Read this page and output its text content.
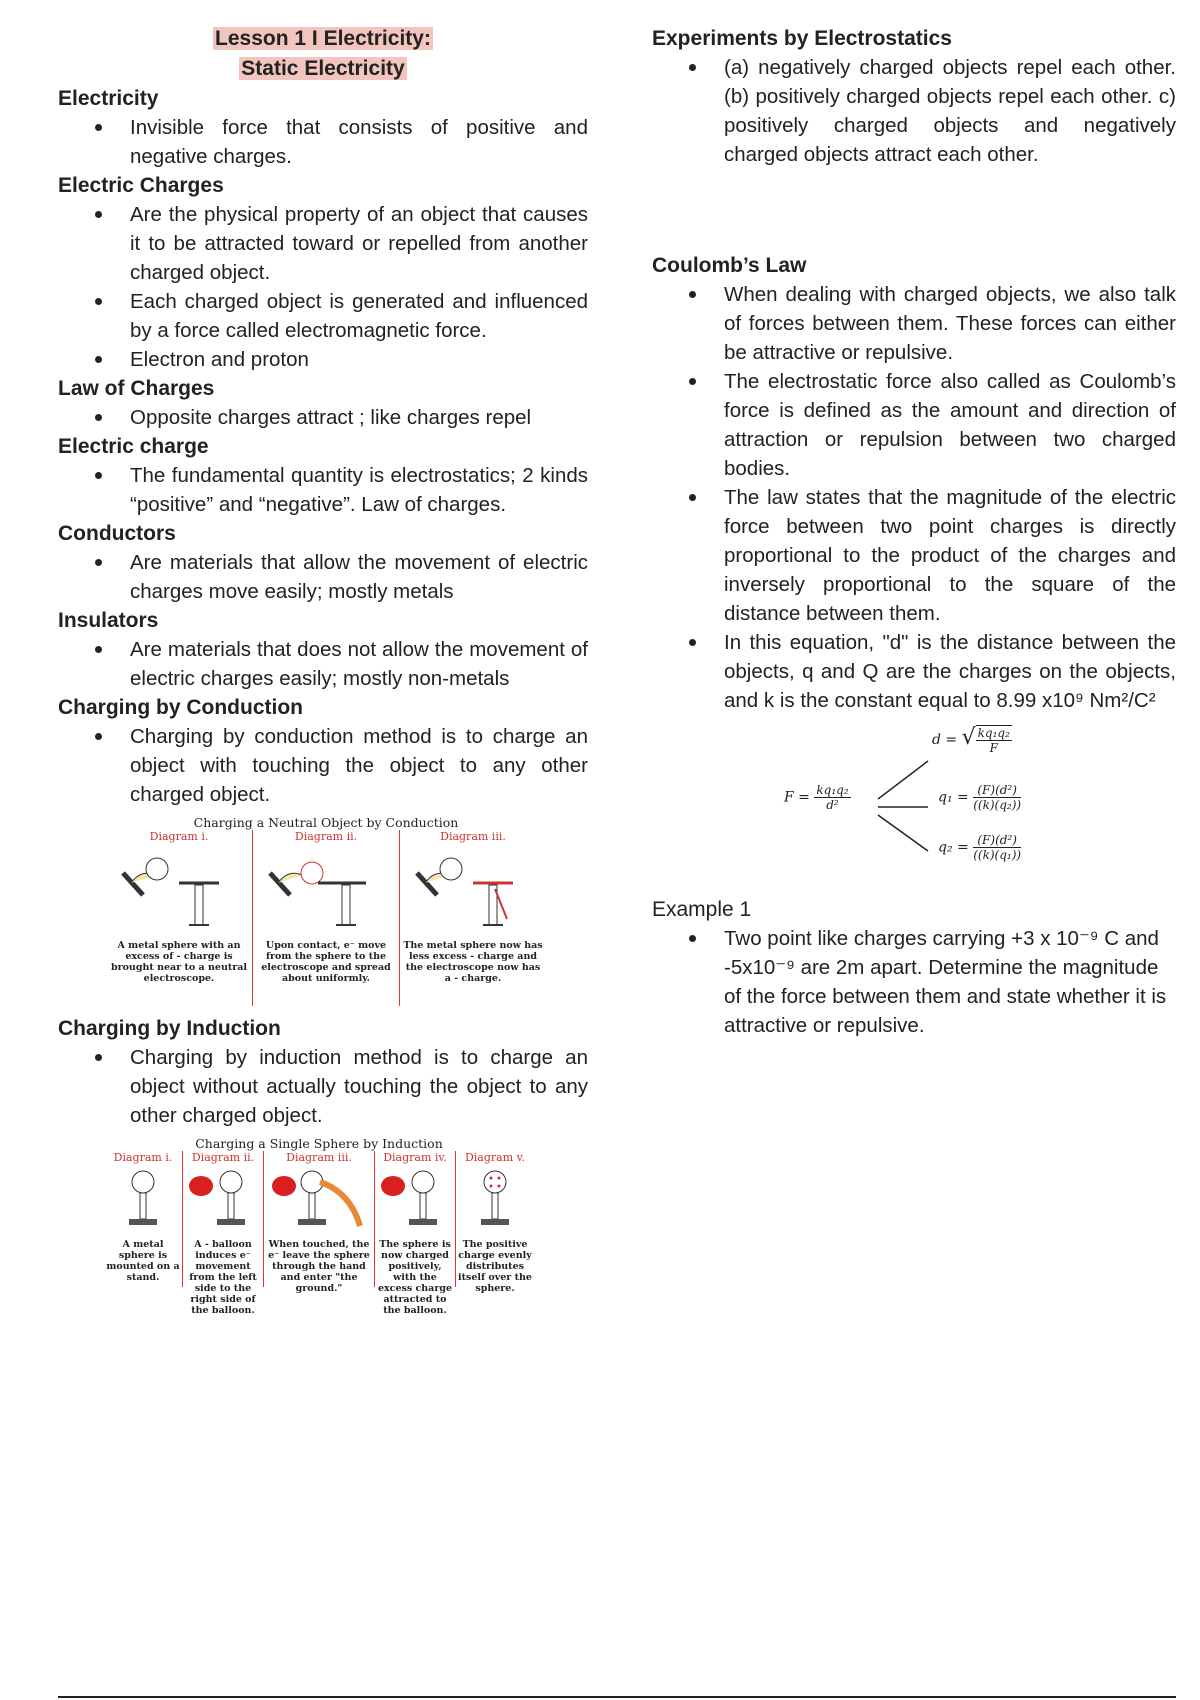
Lesson 1 I Electricity:
Static Electricity
Electricity
Invisible force that consists of positive and negative charges.
Electric Charges
Are the physical property of an object that causes it to be attracted toward or repelled from another charged object.
Each charged object is generated and influenced by a force called electromagnetic force.
Electron and proton
Law of Charges
Opposite charges attract ; like charges repel
Electric charge
The fundamental quantity is electrostatics; 2 kinds “positive” and “negative”. Law of charges.
Conductors
Are materials that allow the movement of electric charges move easily; mostly metals
Insulators
Are materials that does not allow the movement of electric charges easily; mostly non-metals
Charging by Conduction
Charging by conduction method is to charge an object with touching the object to any other charged object.
Charging a Neutral Object by Conduction
Diagram i.
A metal sphere with an excess of - charge is brought near to a neutral electroscope.
Diagram ii.
Upon contact, e⁻ move from the sphere to the electroscope and spread about uniformly.
Diagram iii.
The metal sphere now has less excess - charge and the electroscope now has a - charge.
Charging by Induction
Charging by induction method is to charge an object without actually touching the object to any other charged object.
Charging a Single Sphere by Induction
Diagram i.
A metal sphere is mounted on a stand.
Diagram ii.
A - balloon induces e⁻ movement from the left side to the right side of the balloon.
Diagram iii.
When touched, the e⁻ leave the sphere through the hand and enter "the ground."
Diagram iv.
The sphere is now charged positively, with the excess charge attracted to the balloon.
Diagram v.
The positive charge evenly distributes itself over the sphere.
Experiments by Electrostatics
(a) negatively charged objects repel each other. (b) positively charged objects repel each other. c) positively charged objects and negatively charged objects attract each other.
Coulomb’s Law
When dealing with charged objects, we also talk of forces between them. These forces can either be attractive or repulsive.
The electrostatic force also called as Coulomb’s force is defined as the amount and direction of attraction or repulsion between two charged bodies.
The law states that the magnitude of the electric force between two point charges is directly proportional to the product of the charges and inversely proportional to the square of the distance between them.
In this equation, "d" is the distance between the objects, q and Q are the charges on the objects, and k is the constant equal to 8.99 x10⁹ Nm²/C²
$F = \frac{\text{kq₁q₂}}{\text{d²}}$
d = √ $\frac{\text{kq₁q₂}}{F}$
$q_1 = \frac{\text{(F)(d²)}}{\text{((k)(q₂))}}$
$q_2 = \frac{\text{(F)(d²)}}{\text{((k)(q₁))}}$
Example 1
Two point like charges carrying +3 x 10⁻⁹ C and -5x10⁻⁹ are 2m apart. Determine the magnitude of the force between them and state whether it is attractive or repulsive.
